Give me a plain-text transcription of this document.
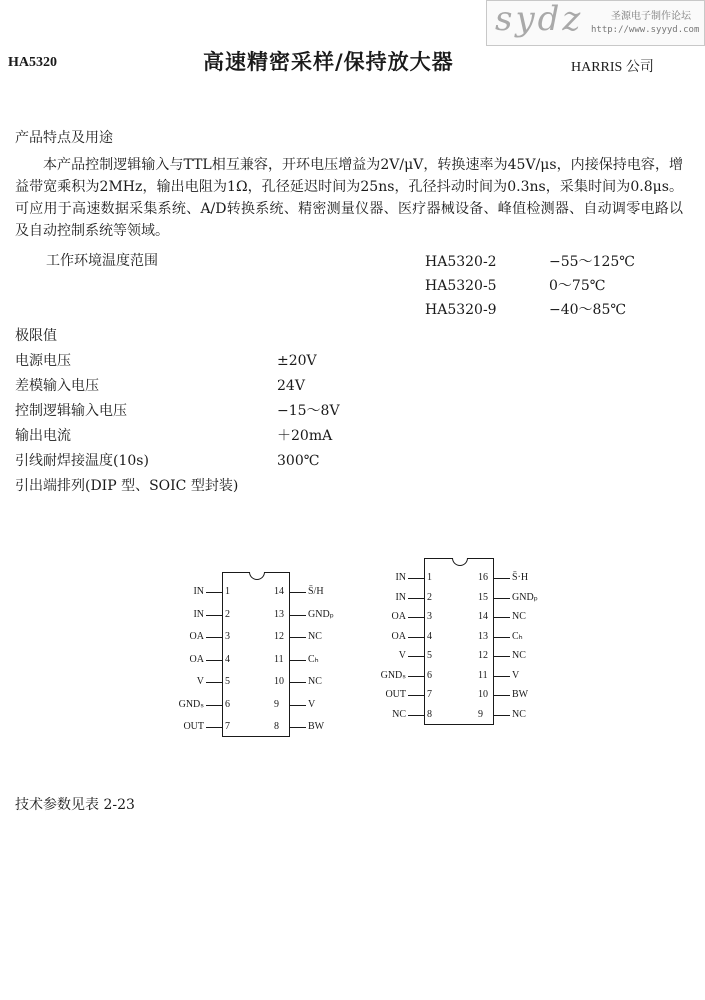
sydz	圣源电子制作论坛
http://www.syyyd.com
HA5320	高速精密采样/保持放大器	HARRIS 公司
产品特点及用途
本产品控制逻辑输入与TTL相互兼容，开环电压增益为2V/μV，转换速率为45V/μs，内接保持电容，增益带宽乘积为2MHz，输出电阻为1Ω，孔径延迟时间为25ns，孔径抖动时间为0.3ns，采集时间为0.8μs。可应用于高速数据采集系统、A/D转换系统、精密测量仪器、医疗器械设备、峰值检测器、自动调零电路以及自动控制系统等领域。
工作环境温度范围	HA5320-2	−55～125℃
HA5320-5	0～75℃
HA5320-9	−40～85℃
极限值
电源电压	±20V
差模输入电压	24V
控制逻辑输入电压	−15～8V
输出电流	＋20mA
引线耐焊接温度(10s)	300℃
引出端排列(DIP 型、SOIC 型封装)
IN 1
IN 2
OA 3
OA 4
V 5
GNDₛ 6
OUT 7
14 S̄/H
13 GNDₚ
12 NC
11 Cₕ
10 NC
9	V
8	BW
IN 1
IN 2
OA 3
OA 4
V 5
GNDₛ 6
OUT 7
NC 8
16 S̄·H
15 GNDₚ
14 NC
13 Cₕ
12 NC
11 V
10 BW
9	NC
技术参数见表 2-23
